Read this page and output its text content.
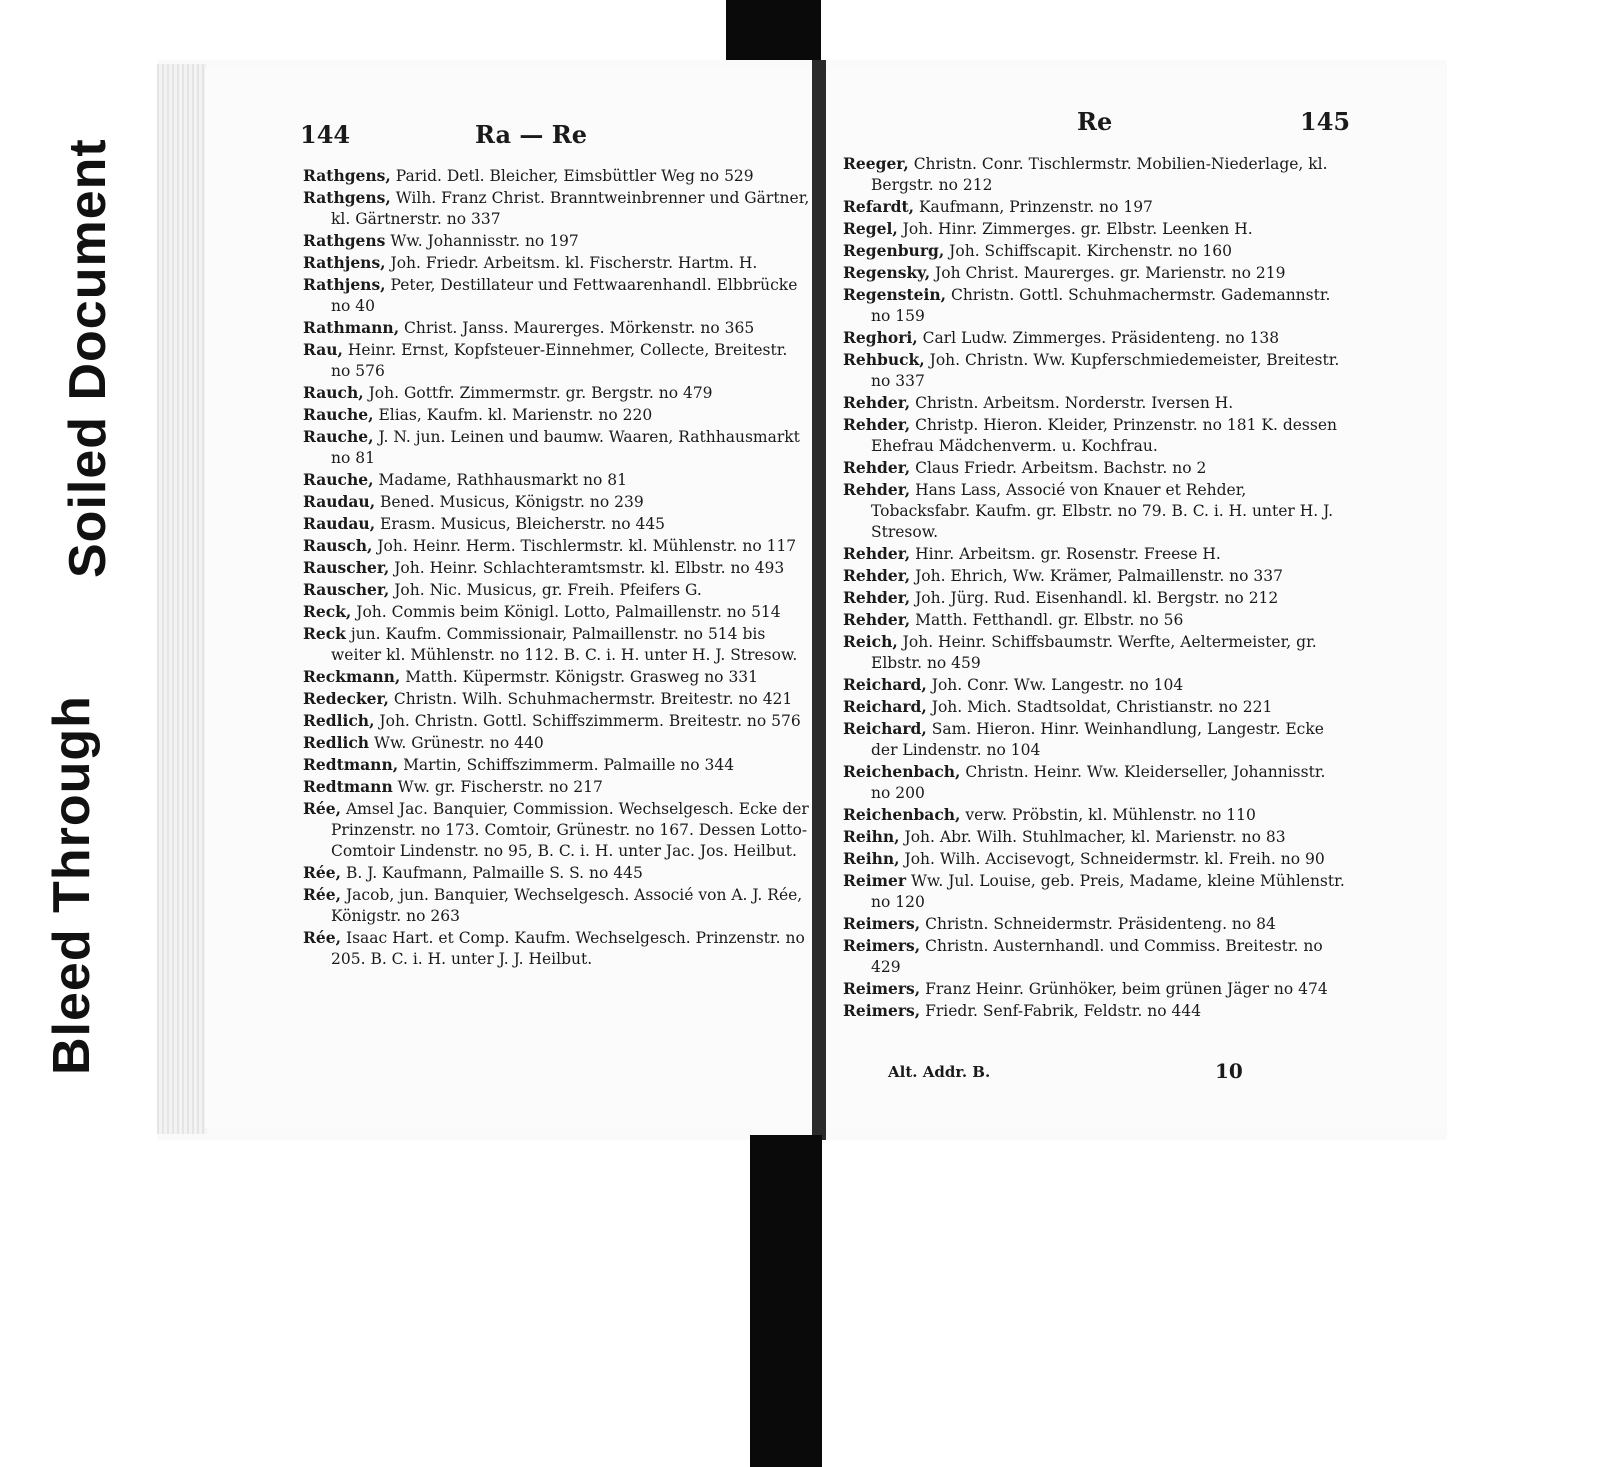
Soiled Document
Bleed Through
144	Ra — Re	Re	145

Rathgens, Parid. Detl. Bleicher, Eimsbüttler Weg no 529

Rathgens, Wilh. Franz Christ. Branntweinbrenner und Gärtner, kl. Gärtnerstr. no 337

Rathgens Ww. Johannisstr. no 197

Rathjens, Joh. Friedr. Arbeitsm. kl. Fischerstr. Hartm. H.

Rathjens, Peter, Destillateur und Fettwaarenhandl. Elbbrücke no 40

Rathmann, Christ. Janss. Maurerges. Mörkenstr. no 365

Rau, Heinr. Ernst, Kopfsteuer-Einnehmer, Collecte, Breitestr. no 576

Rauch, Joh. Gottfr. Zimmermstr. gr. Bergstr. no 479

Rauche, Elias, Kaufm. kl. Marienstr. no 220

Rauche, J. N. jun. Leinen und baumw. Waaren, Rathhausmarkt no 81

Rauche, Madame, Rathhausmarkt no 81

Raudau, Bened. Musicus, Königstr. no 239

Raudau, Erasm. Musicus, Bleicherstr. no 445

Rausch, Joh. Heinr. Herm. Tischlermstr. kl. Mühlenstr. no 117

Rauscher, Joh. Heinr. Schlachteramtsmstr. kl. Elbstr. no 493

Rauscher, Joh. Nic. Musicus, gr. Freih. Pfeifers G.

Reck, Joh. Commis beim Königl. Lotto, Palmaillenstr. no 514

Reck jun. Kaufm. Commissionair, Palmaillenstr. no 514 bis weiter kl. Mühlenstr. no 112. B. C. i. H. unter H. J. Stresow.

Reckmann, Matth. Küpermstr. Königstr. Grasweg no 331

Redecker, Christn. Wilh. Schuhmachermstr. Breitestr. no 421

Redlich, Joh. Christn. Gottl. Schiffszimmerm. Breitestr. no 576

Redlich Ww. Grünestr. no 440

Redtmann, Martin, Schiffszimmerm. Palmaille no 344

Redtmann Ww. gr. Fischerstr. no 217

Rée, Amsel Jac. Banquier, Commission. Wechselgesch. Ecke der Prinzenstr. no 173. Comtoir, Grünestr. no 167. Dessen Lotto-Comtoir Lindenstr. no 95, B. C. i. H. unter Jac. Jos. Heilbut.

Rée, B. J. Kaufmann, Palmaille S. S. no 445

Rée, Jacob, jun. Banquier, Wechselgesch. Associé von A. J. Rée, Königstr. no 263

Rée, Isaac Hart. et Comp. Kaufm. Wechselgesch. Prinzenstr. no 205. B. C. i. H. unter J. J. Heilbut.

Reeger, Christn. Conr. Tischlermstr. Mobilien-Niederlage, kl. Bergstr. no 212

Refardt, Kaufmann, Prinzenstr. no 197

Regel, Joh. Hinr. Zimmerges. gr. Elbstr. Leenken H.

Regenburg, Joh. Schiffscapit. Kirchenstr. no 160

Regensky, Joh Christ. Maurerges. gr. Marienstr. no 219

Regenstein, Christn. Gottl. Schuhmachermstr. Gademannstr. no 159

Reghori, Carl Ludw. Zimmerges. Präsidenteng. no 138

Rehbuck, Joh. Christn. Ww. Kupferschmiedemeister, Breitestr. no 337

Rehder, Christn. Arbeitsm. Norderstr. Iversen H.

Rehder, Christp. Hieron. Kleider, Prinzenstr. no 181 K. dessen Ehefrau Mädchenverm. u. Kochfrau.

Rehder, Claus Friedr. Arbeitsm. Bachstr. no 2

Rehder, Hans Lass, Associé von Knauer et Rehder, Tobacksfabr. Kaufm. gr. Elbstr. no 79. B. C. i. H. unter H. J. Stresow.

Rehder, Hinr. Arbeitsm. gr. Rosenstr. Freese H.

Rehder, Joh. Ehrich, Ww. Krämer, Palmaillenstr. no 337

Rehder, Joh. Jürg. Rud. Eisenhandl. kl. Bergstr. no 212

Rehder, Matth. Fetthandl. gr. Elbstr. no 56

Reich, Joh. Heinr. Schiffsbaumstr. Werfte, Aeltermeister, gr. Elbstr. no 459

Reichard, Joh. Conr. Ww. Langestr. no 104

Reichard, Joh. Mich. Stadtsoldat, Christianstr. no 221

Reichard, Sam. Hieron. Hinr. Weinhandlung, Langestr. Ecke der Lindenstr. no 104

Reichenbach, Christn. Heinr. Ww. Kleiderseller, Johannisstr. no 200

Reichenbach, verw. Pröbstin, kl. Mühlenstr. no 110

Reihn, Joh. Abr. Wilh. Stuhlmacher, kl. Marienstr. no 83

Reihn, Joh. Wilh. Accisevogt, Schneidermstr. kl. Freih. no 90

Reimer Ww. Jul. Louise, geb. Preis, Madame, kleine Mühlenstr. no 120

Reimers, Christn. Schneidermstr. Präsidenteng. no 84

Reimers, Christn. Austernhandl. und Commiss. Breitestr. no 429

Reimers, Franz Heinr. Grünhöker, beim grünen Jäger no 474

Reimers, Friedr. Senf-Fabrik, Feldstr. no 444

Alt. Addr. B.	10
